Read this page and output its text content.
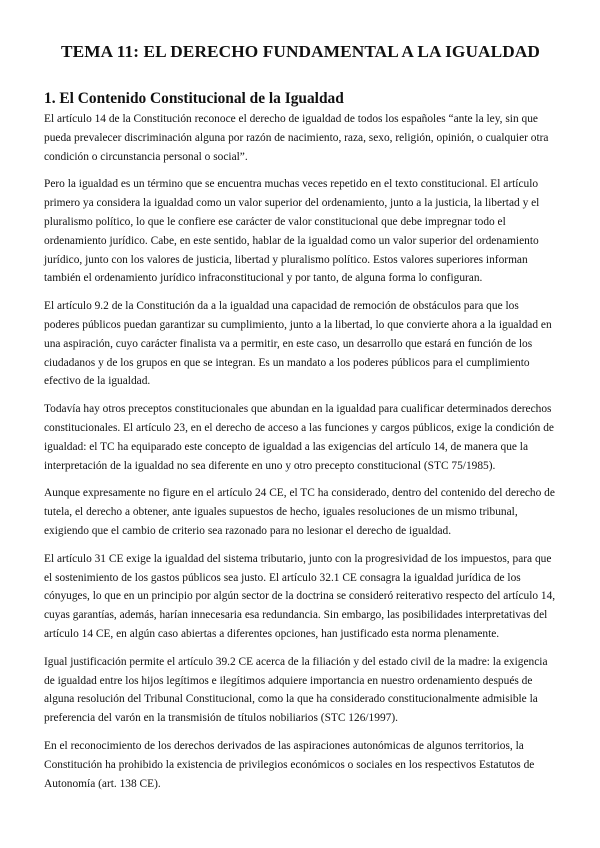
TEMA 11: EL DERECHO FUNDAMENTAL A LA IGUALDAD
1. El Contenido Constitucional de la Igualdad

El artículo 14 de la Constitución reconoce el derecho de igualdad de todos los españoles “ante la ley, sin que pueda prevalecer discriminación alguna por razón de nacimiento, raza, sexo, religión, opinión, o cualquier otra condición o circunstancia personal o social”.

Pero la igualdad es un término que se encuentra muchas veces repetido en el texto constitucional. El artículo primero ya considera la igualdad como un valor superior del ordenamiento, junto a la justicia, la libertad y el pluralismo político, lo que le confiere ese carácter de valor constitucional que debe impregnar todo el ordenamiento jurídico. Cabe, en este sentido, hablar de la igualdad como un valor superior del ordenamiento jurídico, junto con los valores de justicia, libertad y pluralismo político. Estos valores superiores informan también el ordenamiento jurídico infraconstitucional y por tanto, de alguna forma lo configuran.

El artículo 9.2 de la Constitución da a la igualdad una capacidad de remoción de obstáculos para que los poderes públicos puedan garantizar su cumplimiento, junto a la libertad, lo que convierte ahora a la igualdad en una aspiración, cuyo carácter finalista va a permitir, en este caso, un desarrollo que estará en función de los ciudadanos y de los grupos en que se integran. Es un mandato a los poderes públicos para el cumplimiento efectivo de la igualdad.

Todavía hay otros preceptos constitucionales que abundan en la igualdad para cualificar determinados derechos constitucionales. El artículo 23, en el derecho de acceso a las funciones y cargos públicos, exige la condición de igualdad: el TC ha equiparado este concepto de igualdad a las exigencias del artículo 14, de manera que la interpretación de la igualdad no sea diferente en uno y otro precepto constitucional (STC 75/1985).

Aunque expresamente no figure en el artículo 24 CE, el TC ha considerado, dentro del contenido del derecho de tutela, el derecho a obtener, ante iguales supuestos de hecho, iguales resoluciones de un mismo tribunal, exigiendo que el cambio de criterio sea razonado para no lesionar el derecho de igualdad.

El artículo 31 CE exige la igualdad del sistema tributario, junto con la progresividad de los impuestos, para que el sostenimiento de los gastos públicos sea justo. El artículo 32.1 CE consagra la igualdad jurídica de los cónyuges, lo que en un principio por algún sector de la doctrina se consideró reiterativo respecto del artículo 14, cuyas garantías, además, harían innecesaria esa redundancia. Sin embargo, las posibilidades interpretativas del artículo 14 CE, en algún caso abiertas a diferentes opciones, han justificado esta norma plenamente.

Igual justificación permite el artículo 39.2 CE acerca de la filiación y del estado civil de la madre: la exigencia de igualdad entre los hijos legítimos e ilegítimos adquiere importancia en nuestro ordenamiento después de alguna resolución del Tribunal Constitucional, como la que ha considerado constitucionalmente admisible la preferencia del varón en la transmisión de títulos nobiliarios (STC 126/1997).

En el reconocimiento de los derechos derivados de las aspiraciones autonómicas de algunos territorios, la Constitución ha prohibido la existencia de privilegios económicos o sociales en los respectivos Estatutos de Autonomía (art. 138 CE).
